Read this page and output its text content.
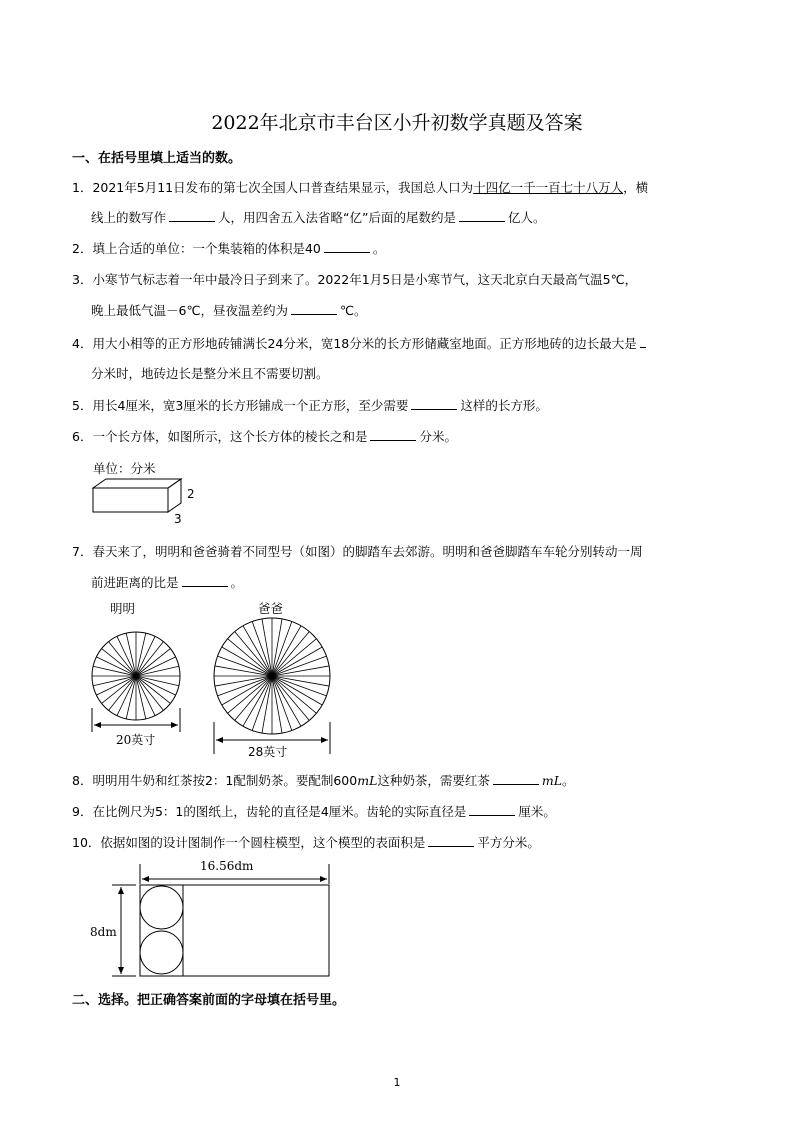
2022年北京市丰台区小升初数学真题及答案
一、在括号里填上适当的数。
1．2021年5月11日发布的第七次全国人口普查结果显示，我国总人口为十四亿一千一百七十八万人，横
线上的数写作	人，用四舍五入法省略“亿”后面的尾数约是	亿人。
2．填上合适的单位：一个集装箱的体积是40	。
3．小寒节气标志着一年中最冷日子到来了。2022年1月5日是小寒节气，这天北京白天最高气温5℃，
晚上最低气温－6℃，昼夜温差约为	℃。
4．用大小相等的正方形地砖铺满长24分米，宽18分米的长方形储藏室地面。正方形地砖的边长最大是
分米时，地砖边长是整分米且不需要切割。
5．用长4厘米，宽3厘米的长方形铺成一个正方形，至少需要	这样的长方形。
6．一个长方体，如图所示，这个长方体的棱长之和是	分米。
单位：分米
2
3
7．春天来了，明明和爸爸骑着不同型号（如图）的脚踏车去郊游。明明和爸爸脚踏车车轮分别转动一周
前进距离的比是	。
明明	爸爸
20英寸
28英寸
8．明明用牛奶和红茶按2：1配制奶茶。要配制600mL这种奶茶，需要红茶	mL。
9．在比例尺为5：1的图纸上，齿轮的直径是4厘米。齿轮的实际直径是	厘米。
10．依据如图的设计图制作一个圆柱模型，这个模型的表面积是	平方分米。
16.56dm
8dm
二、选择。把正确答案前面的字母填在括号里。
1
